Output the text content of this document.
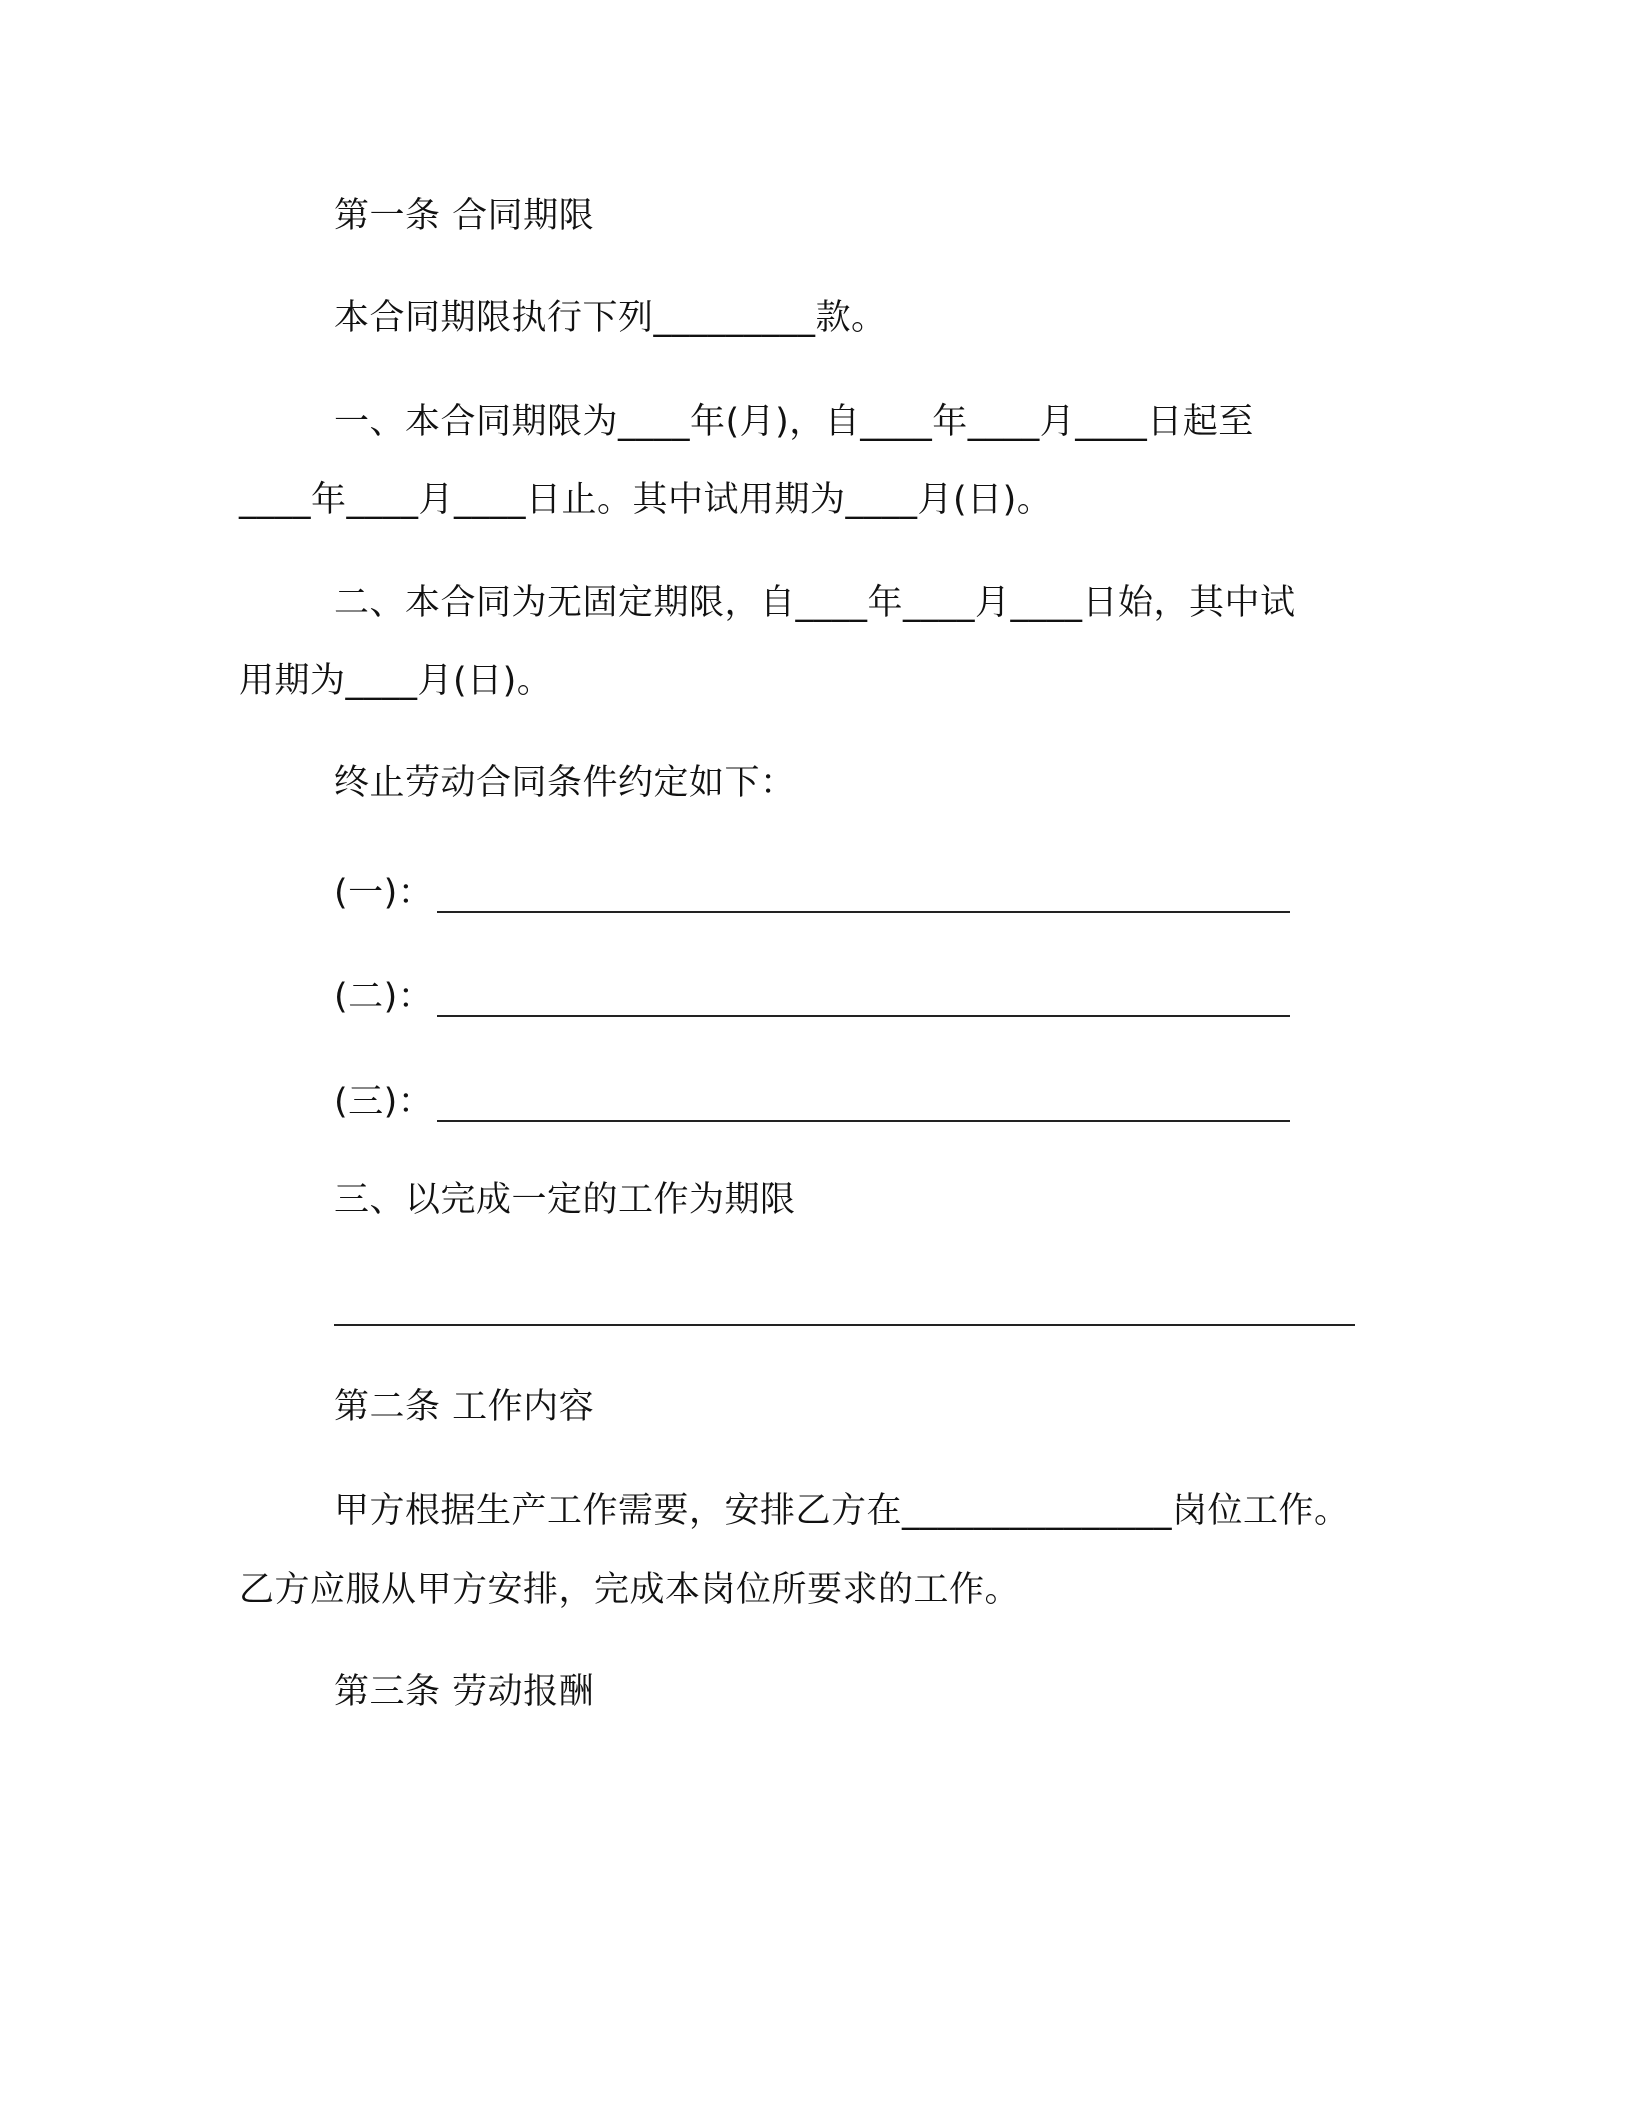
第一条 合同期限
本合同期限执行下列_________款。
一、本合同期限为____年(月)，自____年____月____日起至
____年____月____日止。其中试用期为____月(日)。
二、本合同为无固定期限，自____年____月____日始，其中试
用期为____月(日)。
终止劳动合同条件约定如下：
(一)：
(二)：
(三)：
三、以完成一定的工作为期限
第二条 工作内容
甲方根据生产工作需要，安排乙方在_______________岗位工作。
乙方应服从甲方安排，完成本岗位所要求的工作。
第三条 劳动报酬
